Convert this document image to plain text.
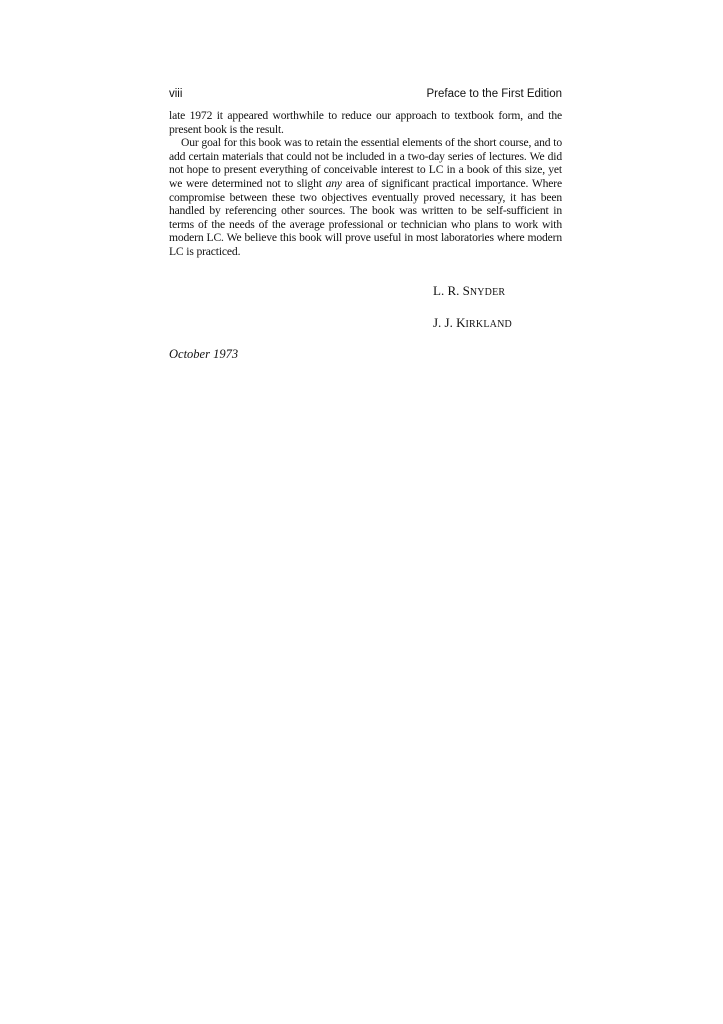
viii	Preface to the First Edition

late 1972 it appeared worthwhile to reduce our approach to textbook form, and the present book is the result.

Our goal for this book was to retain the essential elements of the short course, and to add certain materials that could not be included in a two-day series of lectures. We did not hope to present everything of conceivable interest to LC in a book of this size, yet we were determined not to slight any area of significant practical importance. Where compromise between these two objectives eventually proved necessary, it has been handled by referencing other sources. The book was written to be self-sufficient in terms of the needs of the average professional or technician who plans to work with modern LC. We believe this book will prove useful in most laboratories where modern LC is practiced.

L. R. SNYDER
J. J. KIRKLAND
October 1973
